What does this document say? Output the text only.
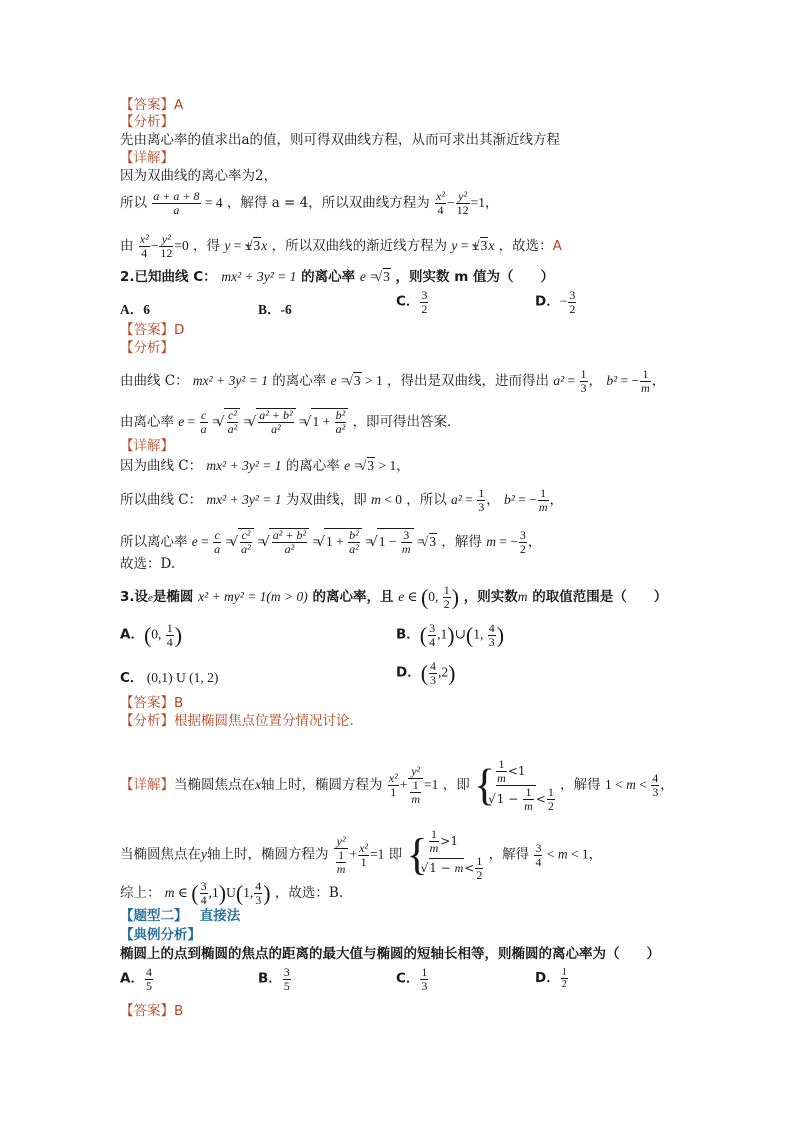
【答案】A
【分析】
先由离心率的值求出a的值，则可得双曲线方程，从而可求出其渐近线方程
【详解】
因为双曲线的离心率为2，
所以 $\frac{a + a + 8}{a} = 4$ ，解得 a = 4，所以双曲线方程为 $\frac{\text{x²}}{4} - \frac{\text{y²}}{12} =1$，
由 $\frac{\text{x²}}{4} - \frac{\text{y²}}{12} =0$ ，得 y = ±√ 3x ，所以双曲线的渐近线方程为 y = ±√ 3x ，故选：A
2.已知曲线 C： mx² + 3y² = 1 的离心率 e = √ 3 ，则实数 m 值为（　　）
A．6	B．-6	C． $\frac{3}{2}$	D．− $\frac{3}{2}$
【答案】D
【分析】
由曲线 C： mx² + 3y² = 1 的离心率 e = √ 3 > 1 ，得出是双曲线，进而得出 $a^2 = \frac{1}{3}$ ， b² = − $\frac{1}{m}$ ，
由离心率 $e = \frac{c}{a}$ = √ $\frac{\text{c²}}{\text{a²}}$ = √ $\frac{\text{a² + b²}}{\text{a²}}$ = √ $1 + \frac{\text{b²}}{\text{a²}}$ ，即可得出答案．
【详解】
因为曲线 C： mx² + 3y² = 1 的离心率 e = √ 3 > 1，
所以曲线 C： mx² + 3y² = 1 为双曲线，即 m < 0 ，所以 $a^2 = \frac{1}{3}$ ， b² = − $\frac{1}{m}$ ，
所以离心率 $e = \frac{c}{a}$ = √ $\frac{\text{c²}}{\text{a²}}$ = √ $\frac{\text{a² + b²}}{\text{a²}}$ = √ $1 + \frac{\text{b²}}{\text{a²}}$ = √ $1 - \frac{3}{m}$ = √ 3 ，解得 m = − $\frac{3}{2}$ ，
故选：D.
3.设e是椭圆 x² + my² = 1(m > 0) 的离心率，且 e ∈ (0, $\frac{1}{2}$ ) ，则实数m 的取值范围是（　　）
A．(0, $\frac{1}{4}$ )	B．( $\frac{3}{4}$ ,1)∪(1, $\frac{4}{3}$ )
C． (0,1) U (1, 2)	D．( $\frac{4}{3} ,2$)
【答案】B
【分析】根据椭圆焦点位置分情况讨论.
【详解】当椭圆焦点在x轴上时，椭圆方程为 $\frac{\text{x²}}{1} + \frac{\text{y²}}{\frac{1}{m}} =1$ ，即 { $\frac{1}{m} <1$
√ $1 - \frac{1}{m} < \frac{1}{2}$
，解得 $1 < m < \frac{4}{3}$ ，
当椭圆焦点在y轴上时，椭圆方程为 $\frac{\text{y²}}{\frac{1}{m}} + \frac{\text{x²}}{1} =1$ 即 { $\frac{1}{m} >1$
√ $1 - m< \frac{1}{2}$
，解得 $\frac{3}{4} < m < 1$，
综上： m ∈ ( $\frac{3}{4} ,1)U(1$, $\frac{4}{3}$ ) ，故选：B.
【题型二】 直接法
【典例分析】
椭圆上的点到椭圆的焦点的距离的最大值与椭圆的短轴长相等，则椭圆的离心率为（　　）
A． $\frac{4}{5}$	B． $\frac{3}{5}$	C． $\frac{1}{3}$	D． $\frac{1}{2}$
【答案】B
